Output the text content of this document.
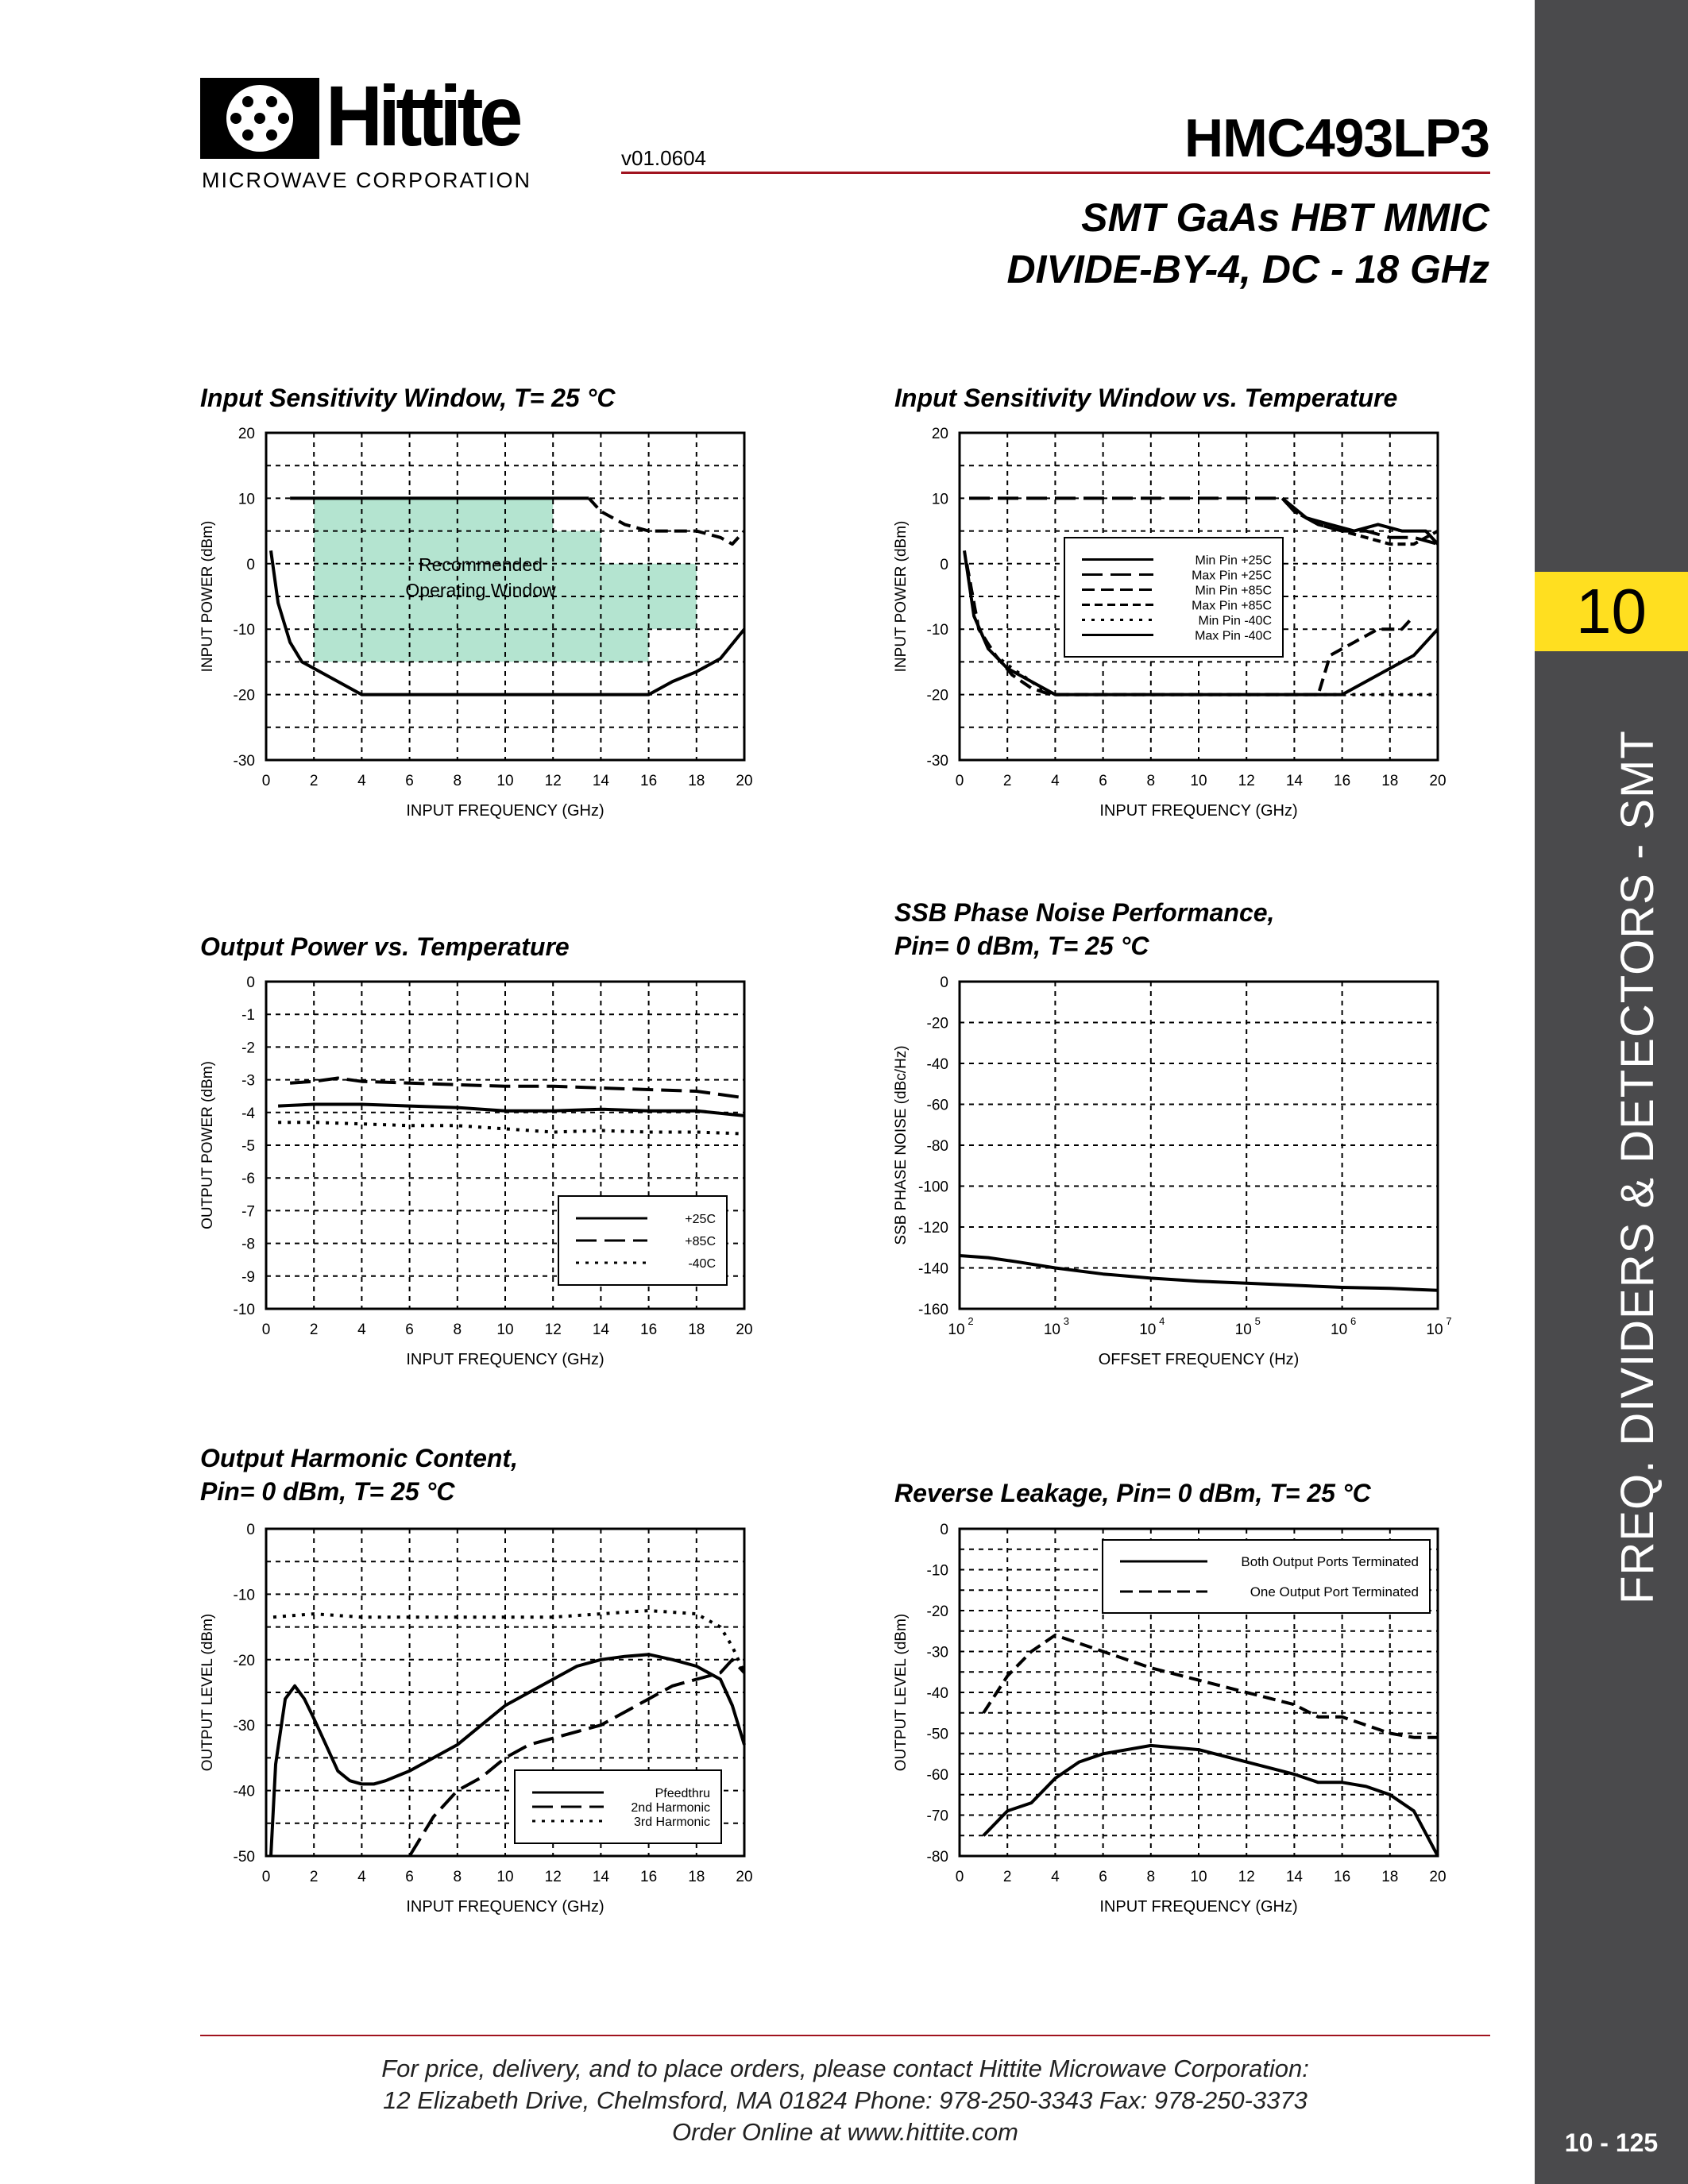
Hittite
MICROWAVE CORPORATION
v01.0604	HMC493LP3
SMT GaAs HBT MMIC
DIVIDE-BY-4, DC - 18 GHz
Input Sensitivity Window, T= 25 °C	Input Sensitivity Window vs. Temperature
Output Power vs. Temperature
SSB Phase Noise Performance,
Pin= 0 dBm, T= 25 °C
Output Harmonic Content,
Pin= 0 dBm, T= 25 °C	Reverse Leakage, Pin= 0 dBm, T= 25 °C
0	2	4	6	8 10 12 14 16 18 20
-30
-20
-10
0
10
20
INPUT FREQUENCY (GHz)
INPUT POWER (dBm)	Recommended
Operating Window
0	2	4	6	8 10 12 14 16 18 20
-30
-20
-10
0
10
20
INPUT FREQUENCY (GHz)
INPUT POWER (dBm)	Min Pin +25C
Max Pin +25C
Min Pin +85C
Max Pin +85C
Min Pin -40C
Max Pin -40C
0	2	4	6	8 10 12 14 16 18 20
-10
-9
-8
-7
-6
-5
-4
-3
-2
-1
0
INPUT FREQUENCY (GHz)
OUTPUT POWER (dBm)	+25C
+85C
-40C
10
2
10
3
10
4
10
5
10
6
10
7
-160
-140
-120
-100
-80
-60
-40
-20
0
OFFSET FREQUENCY (Hz)
SSB PHASE NOISE (dBc/Hz)
0	2	4	6	8 10 12 14 16 18 20
-50
-40
-30
-20
-10
0
INPUT FREQUENCY (GHz)
OUTPUT LEVEL (dBm)
Pfeedthru
2nd Harmonic
3rd Harmonic
0	2	4	6	8 10 12 14 16 18 20
-80
-70
-60
-50
-40
-30
-20
-10
0
INPUT FREQUENCY (GHz)
OUTPUT LEVEL (dBm)
Both Output Ports Terminated
One Output Port Terminated
10
FREQ. DIVIDERS & DETECTORS - SMT
10 - 125
For price, delivery, and to place orders, please contact Hittite Microwave Corporation:
12 Elizabeth Drive, Chelmsford, MA 01824 Phone: 978-250-3343 Fax: 978-250-3373
Order Online at www.hittite.com
